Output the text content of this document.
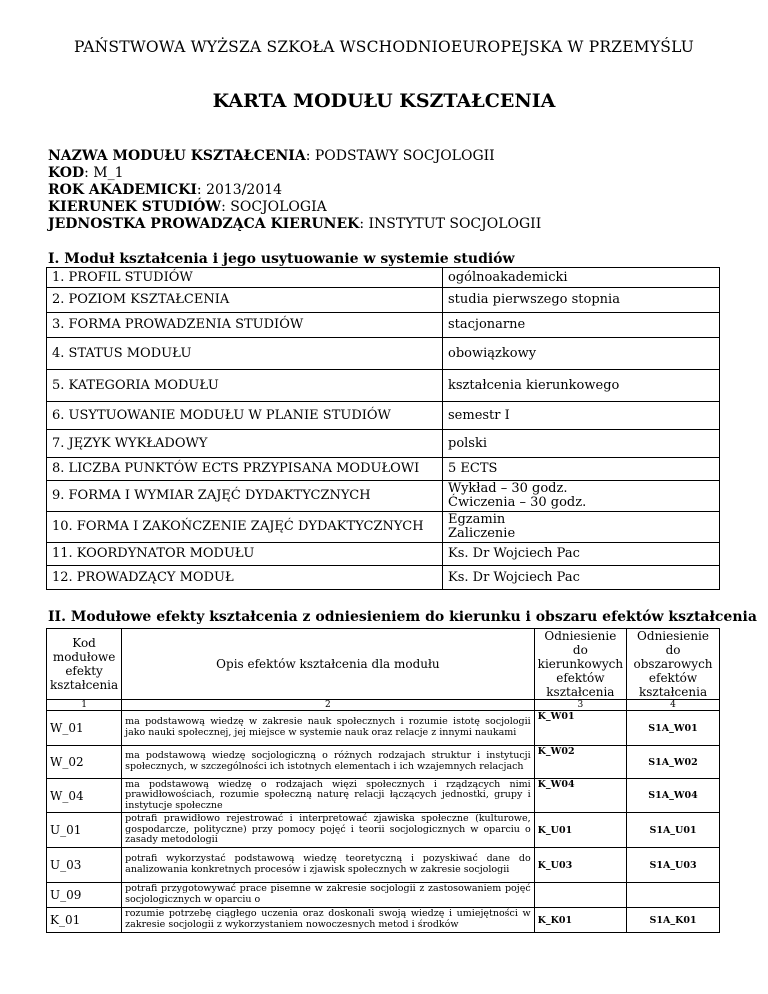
PAŃSTWOWA WYŻSZA SZKOŁA WSCHODNIOEUROPEJSKA W PRZEMYŚLU
KARTA MODUŁU KSZTAŁCENIA
NAZWA MODUŁU KSZTAŁCENIA: PODSTAWY SOCJOLOGII
KOD: M_1
ROK AKADEMICKI: 2013/2014
KIERUNEK STUDIÓW: SOCJOLOGIA
JEDNOSTKA PROWADZĄCA KIERUNEK: INSTYTUT SOCJOLOGII
I. Moduł kształcenia i jego usytuowanie w systemie studiów
1. PROFIL STUDIÓW	ogólnoakademicki
2. POZIOM KSZTAŁCENIA	studia pierwszego stopnia
3. FORMA PROWADZENIA STUDIÓW	stacjonarne
4. STATUS MODUŁU	obowiązkowy
5. KATEGORIA MODUŁU	kształcenia kierunkowego
6. USYTUOWANIE MODUŁU W PLANIE STUDIÓW	semestr I
7. JĘZYK WYKŁADOWY	polski
8. LICZBA PUNKTÓW ECTS PRZYPISANA MODUŁOWI	5 ECTS
9. FORMA I WYMIAR ZAJĘĆ DYDAKTYCZNYCH	Wykład – 30 godz.
Ćwiczenia – 30 godz.

10. FORMA I ZAKOŃCZENIE ZAJĘĆ DYDAKTYCZNYCH	Egzamin
Zaliczenie

11. KOORDYNATOR MODUŁU	Ks. Dr Wojciech Pac
12. PROWADZĄCY MODUŁ	Ks. Dr Wojciech Pac
II. Modułowe efekty kształcenia z odniesieniem do kierunku i obszaru efektów kształcenia
Kod modułowe efekty kształcenia	Opis efektów kształcenia dla modułu	Odniesienie do kierunkowych efektów kształcenia	Odniesienie do obszarowych efektów kształcenia
1	2	3	4
W_01	ma podstawową wiedzę w zakresie nauk społecznych i rozumie istotę socjologii jako nauki społecznej, jej miejsce w systemie nauk oraz relacje z innymi naukami	K_W01	S1A_W01
W_02	ma podstawową wiedzę socjologiczną o różnych rodzajach struktur i instytucji społecznych, w szczególności ich istotnych elementach i ich wzajemnych relacjach	K_W02	S1A_W02
W_04	ma podstawową wiedzę o rodzajach więzi społecznych i rządzących nimi prawidłowościach, rozumie społeczną naturę relacji łączących jednostki, grupy i instytucje społeczne	K_W04	S1A_W04
U_01	potrafi prawidłowo rejestrować i interpretować zjawiska społeczne (kulturowe, gospodarcze, polityczne) przy pomocy pojęć i teorii socjologicznych w oparciu o zasady metodologii	K_U01	S1A_U01
U_03	potrafi wykorzystać podstawową wiedzę teoretyczną i pozyskiwać dane do analizowania konkretnych procesów i zjawisk społecznych w zakresie socjologii	K_U03	S1A_U03
U_09	potrafi przygotowywać prace pisemne w zakresie socjologii z zastosowaniem pojęć socjologicznych w oparciu o		
K_01	rozumie potrzebę ciągłego uczenia oraz doskonali swoją wiedzę i umiejętności w zakresie socjologii z wykorzystaniem nowoczesnych metod i środków	K_K01	S1A_K01
